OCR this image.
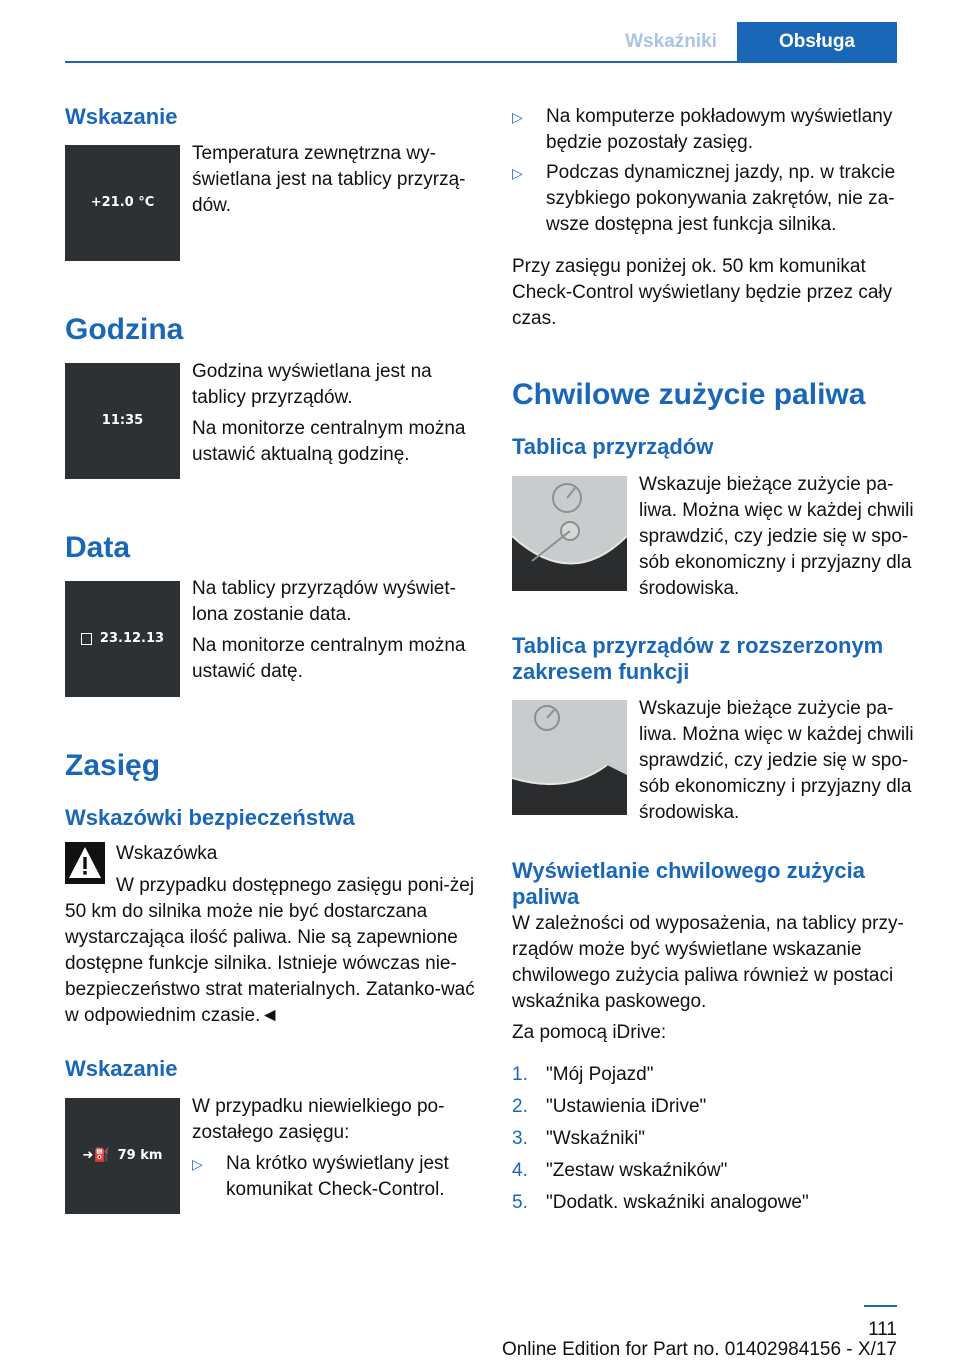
Wskaźniki	Obsługa
Wskazanie
+21.0 °C

Temperatura zewnętrzna wy-świetlana jest na tablicy przyrzą-dów.

Godzina
11:35

Godzina wyświetlana jest na tablicy przyrządów.

Na monitorze centralnym można ustawić aktualną godzinę.

Data
23.12.13

Na tablicy przyrządów wyświet-lona zostanie data.

Na monitorze centralnym można ustawić datę.

Zasięg
Wskazówki bezpieczeństwa
Wskazówka

W przypadku dostępnego zasięgu poni-żej 50 km do silnika może nie być dostarczana wystarczająca ilość paliwa. Nie są zapewnione dostępne funkcje silnika. Istnieje wówczas nie-bezpieczeństwo strat materialnych. Zatanko-wać w odpowiednim czasie.◄

Wskazanie
➜⛽ 79 km

W przypadku niewielkiego po-zostałego zasięgu:

▷	Na krótko wyświetlany jest komunikat Check-Control.
▷	Na komputerze pokładowym wyświetlany będzie pozostały zasięg.
▷	Podczas dynamicznej jazdy, np. w trakcie szybkiego pokonywania zakrętów, nie za-wsze dostępna jest funkcja silnika.

Przy zasięgu poniżej ok. 50 km komunikat Check-Control wyświetlany będzie przez cały czas.

Chwilowe zużycie paliwa
Tablica przyrządów

Wskazuje bieżące zużycie pa-liwa. Można więc w każdej chwili sprawdzić, czy jedzie się w spo-sób ekonomiczny i przyjazny dla środowiska.

Tablica przyrządów z rozszerzonym zakresem funkcji

Wskazuje bieżące zużycie pa-liwa. Można więc w każdej chwili sprawdzić, czy jedzie się w spo-sób ekonomiczny i przyjazny dla środowiska.

Wyświetlanie chwilowego zużycia paliwa

W zależności od wyposażenia, na tablicy przy-rządów może być wyświetlane wskazanie chwilowego zużycia paliwa również w postaci wskaźnika paskowego.

Za pomocą iDrive:

1. "Mój Pojazd"
2. "Ustawienia iDrive"
3. "Wskaźniki"
4. "Zestaw wskaźników"
5. "Dodatk. wskaźniki analogowe"
111
Online Edition for Part no. 01402984156 - X/17
